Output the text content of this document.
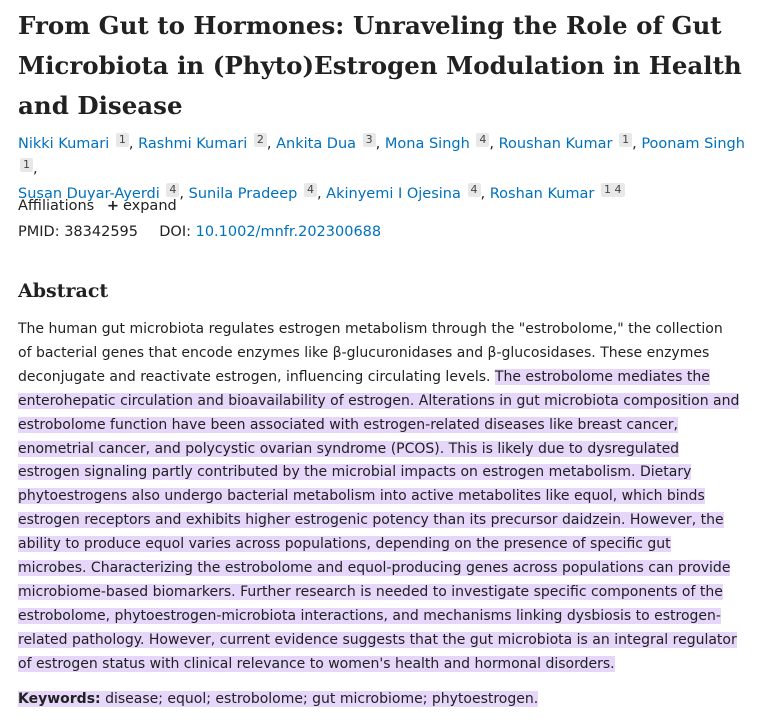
From Gut to Hormones: Unraveling the Role of Gut Microbiota in (Phyto)Estrogen Modulation in Health and Disease
Nikki Kumari 1 , Rashmi Kumari 2 , Ankita Dua 3 , Mona Singh 4 , Roushan Kumar 1 , Poonam Singh 1 ,
Susan Duyar-Ayerdi 4 , Sunila Pradeep 4 , Akinyemi I Ojesina 4 , Roshan Kumar 1 4
Affiliations + expand
PMID: 38342595 DOI: 10.1002/mnfr.202300688
Abstract

The human gut microbiota regulates estrogen metabolism through the "estrobolome," the collection of bacterial genes that encode enzymes like β-glucuronidases and β-glucosidases. These enzymes deconjugate and reactivate estrogen, influencing circulating levels. The estrobolome mediates the enterohepatic circulation and bioavailability of estrogen. Alterations in gut microbiota composition and estrobolome function have been associated with estrogen-related diseases like breast cancer, enometrial cancer, and polycystic ovarian syndrome (PCOS). This is likely due to dysregulated estrogen signaling partly contributed by the microbial impacts on estrogen metabolism. Dietary phytoestrogens also undergo bacterial metabolism into active metabolites like equol, which binds estrogen receptors and exhibits higher estrogenic potency than its precursor daidzein. However, the ability to produce equol varies across populations, depending on the presence of specific gut microbes. Characterizing the estrobolome and equol-producing genes across populations can provide microbiome-based biomarkers. Further research is needed to investigate specific components of the estrobolome, phytoestrogen-microbiota interactions, and mechanisms linking dysbiosis to estrogen-related pathology. However, current evidence suggests that the gut microbiota is an integral regulator of estrogen status with clinical relevance to women's health and hormonal disorders.

Keywords: disease; equol; estrobolome; gut microbiome; phytoestrogen.
